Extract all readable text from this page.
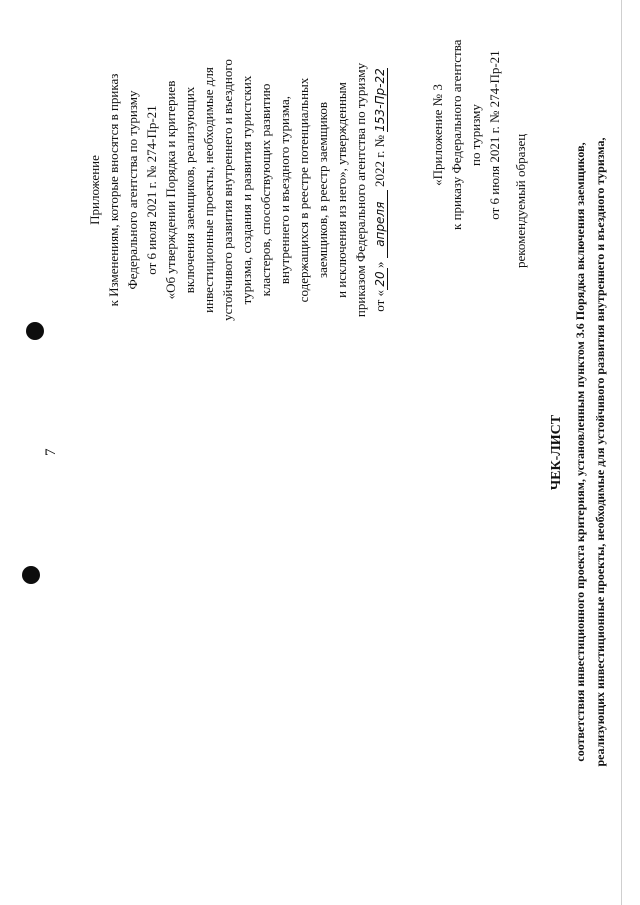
7
Приложение к Изменениям, которые вносятся в приказ Федерального агентства по туризму от 6 июля 2021 г. № 274-Пр-21 «Об утверждении Порядка и критериев включения заемщиков, реализующих инвестиционные проекты, необходимые для устойчивого развития внутреннего и въездного туризма, создания и развития туристских кластеров, способствующих развитию внутреннего и въездного туризма, содержащихся в реестре потенциальных заемщиков, в реестр заемщиков и исключения из него», утвержденным приказом Федерального агентства по туризму от «20» апреля 2022 г. № 153-Пр-22	«Приложение № 3 к приказу Федерального агентства по туризму от 6 июля 2021 г. № 274-Пр-21 рекомендуемый образец
ЧЕК-ЛИСТ соответствия инвестиционного проекта критериям, установленным пунктом 3.6 Порядка включения заемщиков, реализующих инвестиционные проекты, необходимые для устойчивого развития внутреннего и въездного туризма,
